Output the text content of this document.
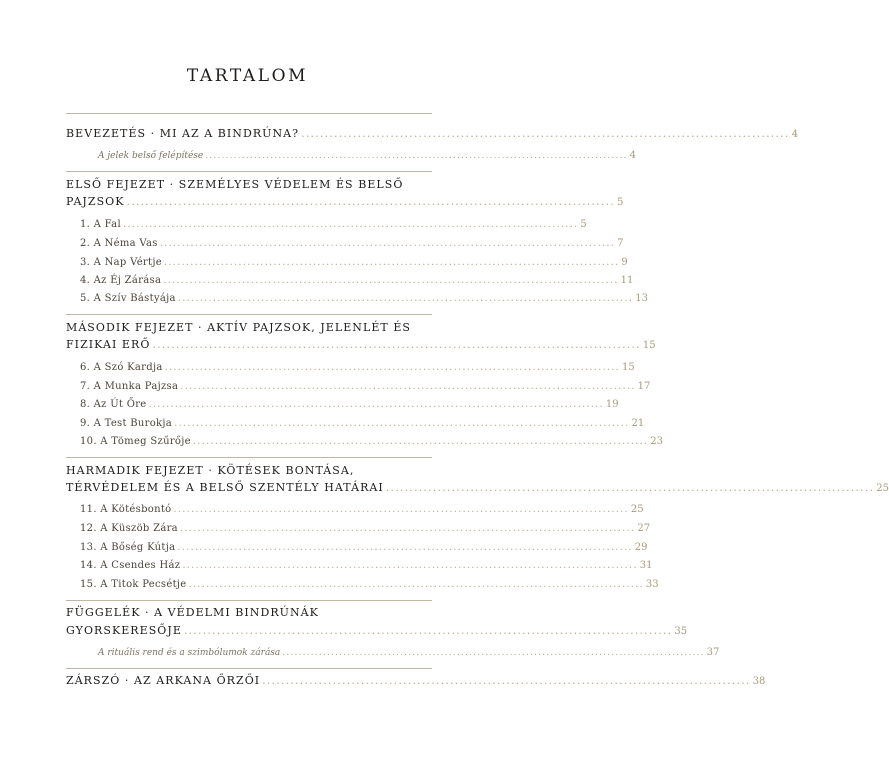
TARTALOM
BEVEZETÉS · MI AZ A BINDRÚNA? ........................................................................................................ 4
A jelek belső felépítése ........................................................................................................ 4
ELSŐ FEJEZET · SZEMÉLYES VÉDELEM ÉS BELSŐ
PAJZSOK ........................................................................................................ 5
1. A Fal ........................................................................................................ 5
2. A Néma Vas ........................................................................................................ 7
3. A Nap Vértje ........................................................................................................ 9
4. Az Éj Zárása ........................................................................................................ 11
5. A Szív Bástyája ........................................................................................................ 13
MÁSODIK FEJEZET · AKTÍV PAJZSOK, JELENLÉT ÉS
FIZIKAI ERŐ ........................................................................................................ 15
6. A Szó Kardja ........................................................................................................ 15
7. A Munka Pajzsa ........................................................................................................ 17
8. Az Út Őre ........................................................................................................ 19
9. A Test Burokja ........................................................................................................ 21
10. A Tömeg Szűrője ........................................................................................................ 23
HARMADIK FEJEZET · KÖTÉSEK BONTÁSA,
TÉRVÉDELEM ÉS A BELSŐ SZENTÉLY HATÁRAI ........................................................................................................ 25
11. A Kötésbontó ........................................................................................................ 25
12. A Küszöb Zára ........................................................................................................ 27
13. A Bőség Kútja ........................................................................................................ 29
14. A Csendes Ház ........................................................................................................ 31
15. A Titok Pecsétje ........................................................................................................ 33
FÜGGELÉK · A VÉDELMI BINDRÚNÁK
GYORSKERESŐJE ........................................................................................................ 35
A rituális rend és a szimbólumok zárása ........................................................................................................ 37
ZÁRSZÓ · AZ ARKANA ŐRZŐI ........................................................................................................ 38
